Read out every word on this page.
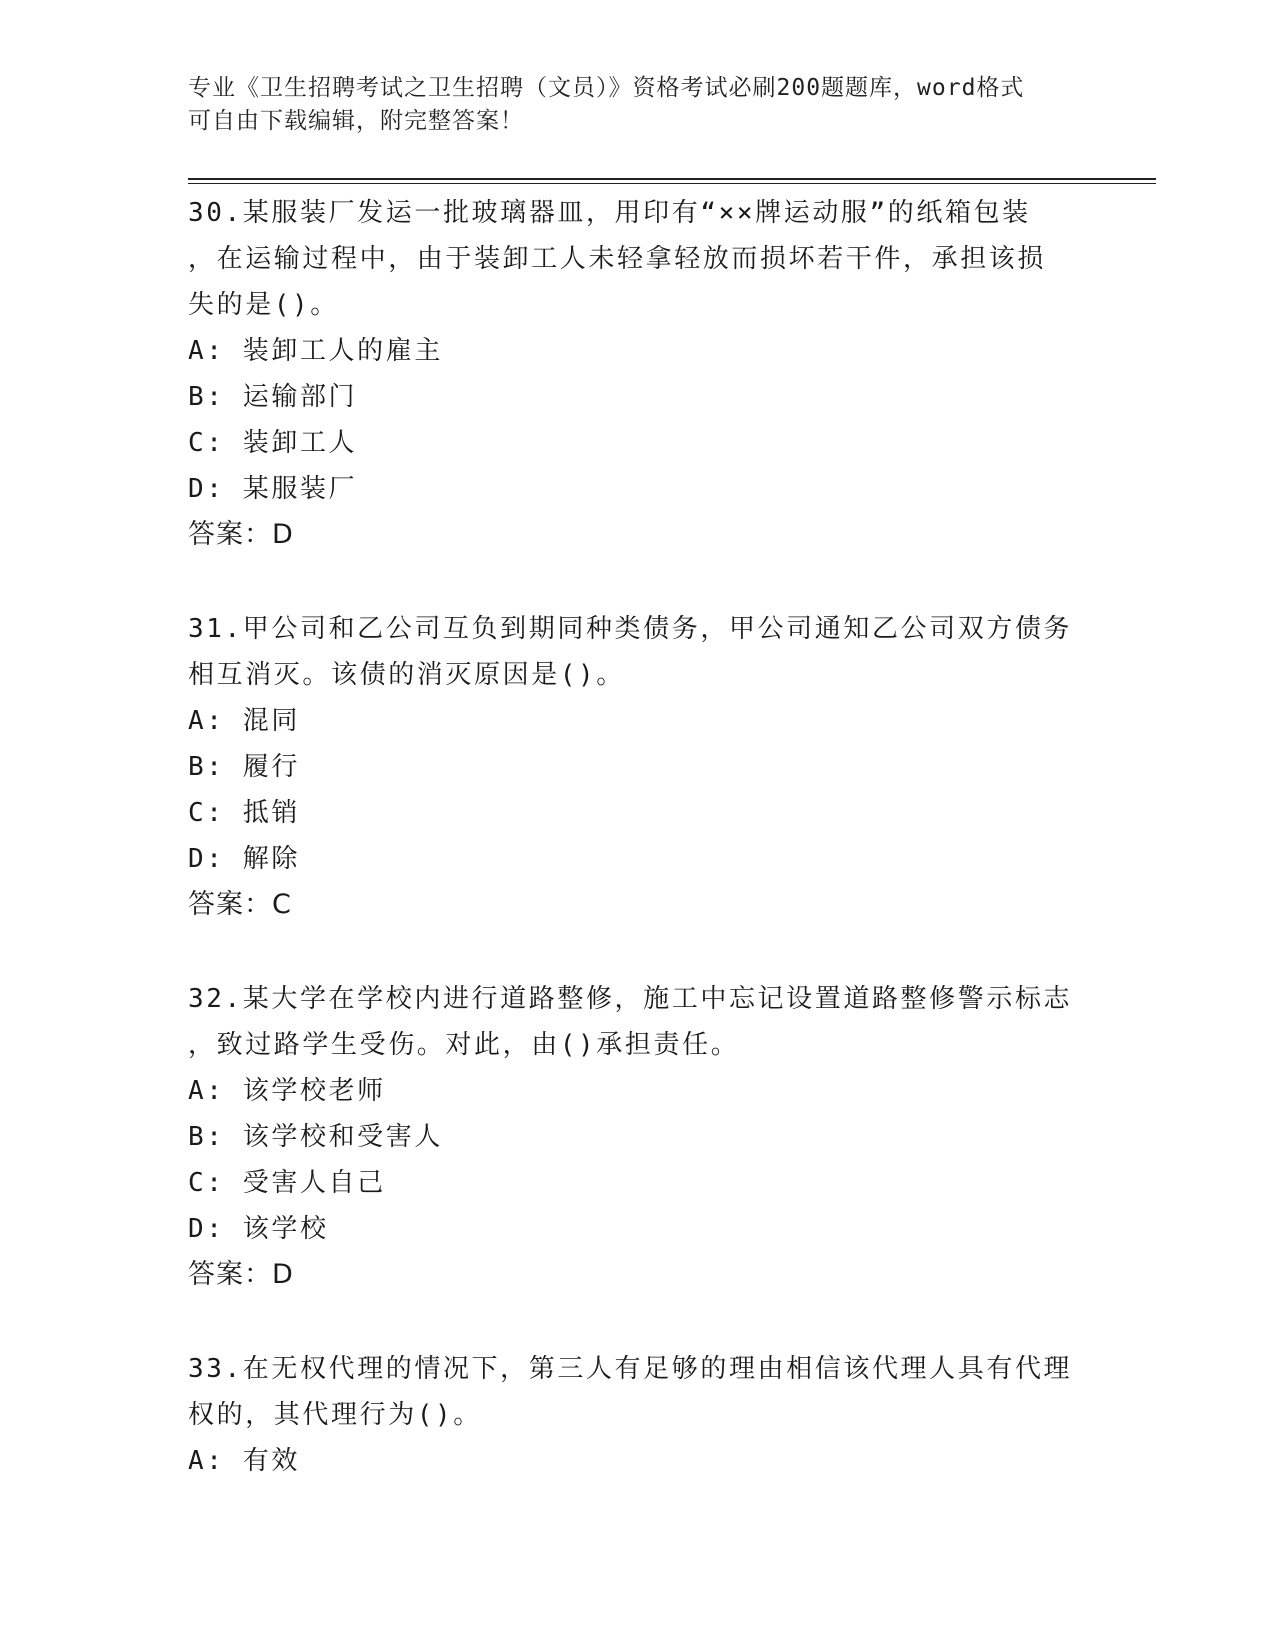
专业《卫生招聘考试之卫生招聘（文员）》资格考试必刷200题题库，word格式
可自由下载编辑，附完整答案！

30.某服装厂发运一批玻璃器皿，用印有“××牌运动服”的纸箱包装

，在运输过程中，由于装卸工人未轻拿轻放而损坏若干件，承担该损

失的是()。

A: 装卸工人的雇主

B: 运输部门

C: 装卸工人

D: 某服装厂

答案：D

31.甲公司和乙公司互负到期同种类债务，甲公司通知乙公司双方债务

相互消灭。该债的消灭原因是()。

A: 混同

B: 履行

C: 抵销

D: 解除

答案：C

32.某大学在学校内进行道路整修，施工中忘记设置道路整修警示标志

，致过路学生受伤。对此，由()承担责任。

A: 该学校老师

B: 该学校和受害人

C: 受害人自己

D: 该学校

答案：D

33.在无权代理的情况下，第三人有足够的理由相信该代理人具有代理

权的，其代理行为()。

A: 有效
